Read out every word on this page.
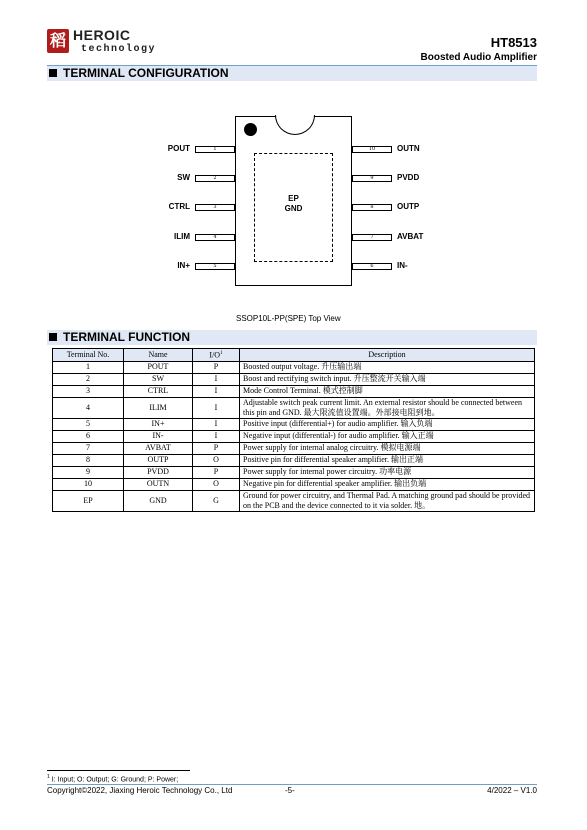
稻 HEROIC
technology	HT8513
Boosted Audio Amplifier
TERMINAL CONFIGURATION
EP
GND
1
POUT
2
SW
3
CTRL
4
ILIM
5
IN+
10	OUTN
9	PVDD
8	OUTP
7	AVBAT
6	IN-
SSOP10L-PP(SPE) Top View
TERMINAL FUNCTION
Terminal No.	Name	$I/O^1$	Description
1	POUT	P	Boosted output voltage. 升压输出端
2	SW	I	Boost and rectifying switch input. 升压整流开关输入端
3	CTRL	I	Mode Control Terminal. 模式控制脚
4	ILIM	I	Adjustable switch peak current limit. An external resistor should be connected between this pin and GND. 最大限流值设置端。外部接电阻到地。
5	IN+	I	Positive input (differential+) for audio amplifier. 输入负端
6	IN-	I	Negative input (differential-) for audio amplifier. 输入正端
7	AVBAT	P	Power supply for internal analog circuitry. 模拟电源端
8	OUTP	O	Positive pin for differential speaker amplifier. 输出正端
9	PVDD	P	Power supply for internal power circuitry. 功率电源
10	OUTN	O	Negative pin for differential speaker amplifier. 输出负端
EP	GND	G	Ground for power circuitry, and Thermal Pad. A matching ground pad should be provided on the PCB and the device connected to it via solder. 地。
$^1$ I: Input; O: Output; G: Ground; P: Power;
Copyright©2022, Jiaxing Heroic Technology Co., Ltd	-5-	4/2022 – V1.0
